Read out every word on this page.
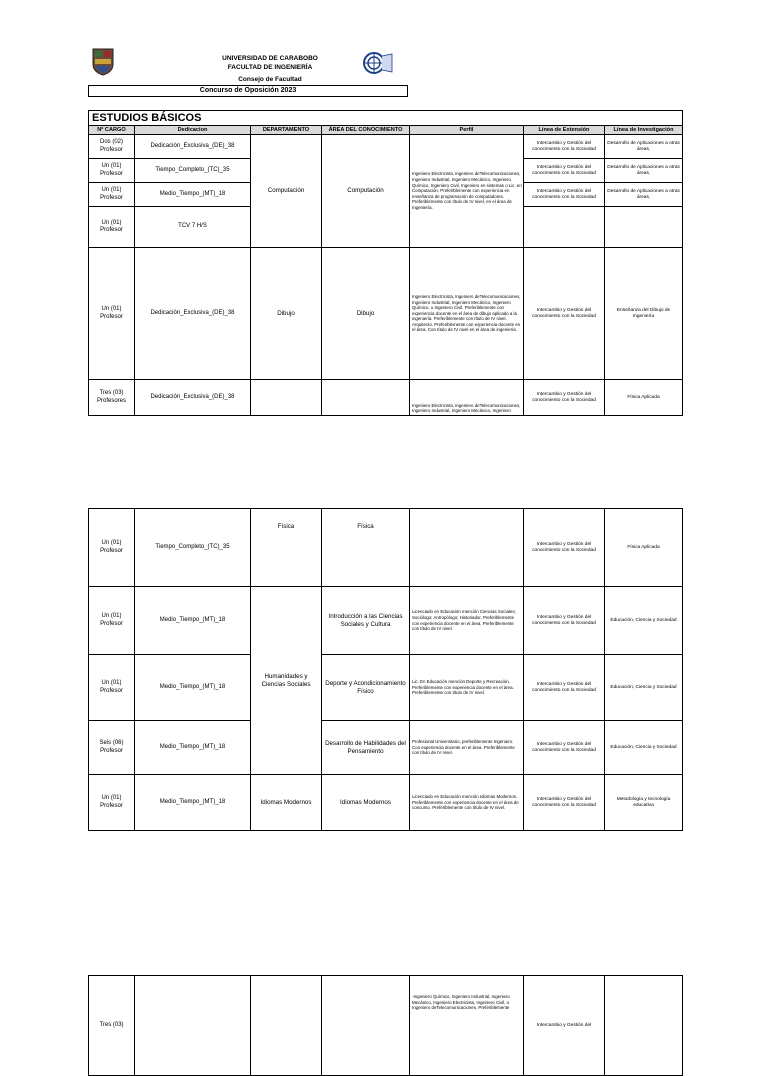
UNIVERSIDAD DE CARABOBO
FACULTAD DE INGENIERÍA
Consejo de Facultad
Concurso de Oposición 2023
ESTUDIOS BÁSICOS						
Nº CARGO	Dedicacion	DEPARTAMENTO	ÁREA DEL CONOCIMIENTO	Perfil	Línea de Extensión	Línea de Investigación
Dos (02) Profesor	Dedicación_Exclusiva_(DE)_38	Computación	Computación	Ingeniero Electricista, Ingeniero deTelecomunicaciones, Ingeniero Industrial, Ingeniero Mecánico, Ingeniero Químico, Ingeniero Civil, Ingeniero en sistemas o Lic. en Computación. Preferiblemente con experiencia en enseñanza de programación de computadores. Preferiblemente con título de IV nivel, en el área de Ingeniería.	Intercambio y Gestión del conocimiento con la Sociedad	Desarrollo de Aplicaciones a otras áreas.
Un (01) Profesor	Tiempo_Completo_(TC)_35				Intercambio y Gestión del conocimiento con la Sociedad	Desarrollo de Aplicaciones a otras áreas.
Un (01) Profesor	Medio_Tiempo_(MT)_18				Intercambio y Gestión del conocimiento con la Sociedad	Desarrollo de Aplicaciones a otras áreas.
Un (01) Profesor	TCV 7 H/S					
Un (01) Profesor	Dedicación_Exclusiva_(DE)_38	Dibujo	Dibujo	Ingeniero Electricista, Ingeniero deTelecomunicaciones, Ingeniero Industrial, Ingeniero Mecánico, Ingeniero Químico, o Ingeniero Civil. Preferiblemente con experiencia docente en el área de dibujo aplicado a la ingeniería. Preferiblemente con título de IV nivel. Arquitecto. Preferiblemente con experiencia docente en el área. Con título de IV nivel en el área de ingeniería.	Intercambio y Gestión del conocimiento con la Sociedad	Enseñanza del Dibujo de Ingeniería
Tres (03) Profesores	Dedicación_Exclusiva_(DE)_38			Ingeniero Electricista, Ingeniero deTelecomunicaciones, Ingeniero Industrial, Ingeniero Mecánico, Ingeniero	Intercambio y Gestión del conocimiento con la Sociedad	Física Aplicada
Un (01) Profesor	Tiempo_Completo_(TC)_35	Física	Física		Intercambio y Gestión del conocimiento con la Sociedad	Física Aplicada
Un (01) Profesor	Medio_Tiempo_(MT)_18	Humanidades y Ciencias Sociales	Introducción a las Ciencias Sociales y Cultura	Licenciado en Educación mención Ciencias Sociales; Sociólogo; Antropólogo; Historiador. Preferiblemente con experiencia docente en el área. Preferiblemente con título de IV nivel.	Intercambio y Gestión del conocimiento con la Sociedad	Educación, Ciencia y Sociedad
Un (01) Profesor	Medio_Tiempo_(MT)_18		Deporte y Acondicionamiento Físico	Lic. En Educación mención Deporte y Recreación. Preferiblemente con experiencia docente en el área. Preferiblemente con título de IV nivel.	Intercambio y Gestión del conocimiento con la Sociedad	Educación, Ciencia y Sociedad
Seis (06) Profesor	Medio_Tiempo_(MT)_18		Desarrollo de Habilidades del Pensamiento	Profesional Universitario, preferiblemente Ingeniero. Con experiencia docente en el área. Preferiblemente con título de IV nivel.	Intercambio y Gestión del conocimiento con la Sociedad	Educación, Ciencia y Sociedad
Un (01) Profesor	Medio_Tiempo_(MT)_18	Idiomas Modernos	Idiomas Modernos	Licenciado en Educación mención Idiomas Modernos. Preferiblemente con experiencia docente en el área de concurso. Preferiblemente con título de IV nivel.	Intercambio y Gestión del conocimiento con la Sociedad	Metodología y tecnología educativa
Tres (03)				-Ingeniero Químico, Ingeniero Industrial, Ingeniero Mecánico, Ingeniero Electricista, Ingeniero Civil, o Ingeniero deTelecomunicaciones. Preferiblemente	Intercambio y Gestión del	
